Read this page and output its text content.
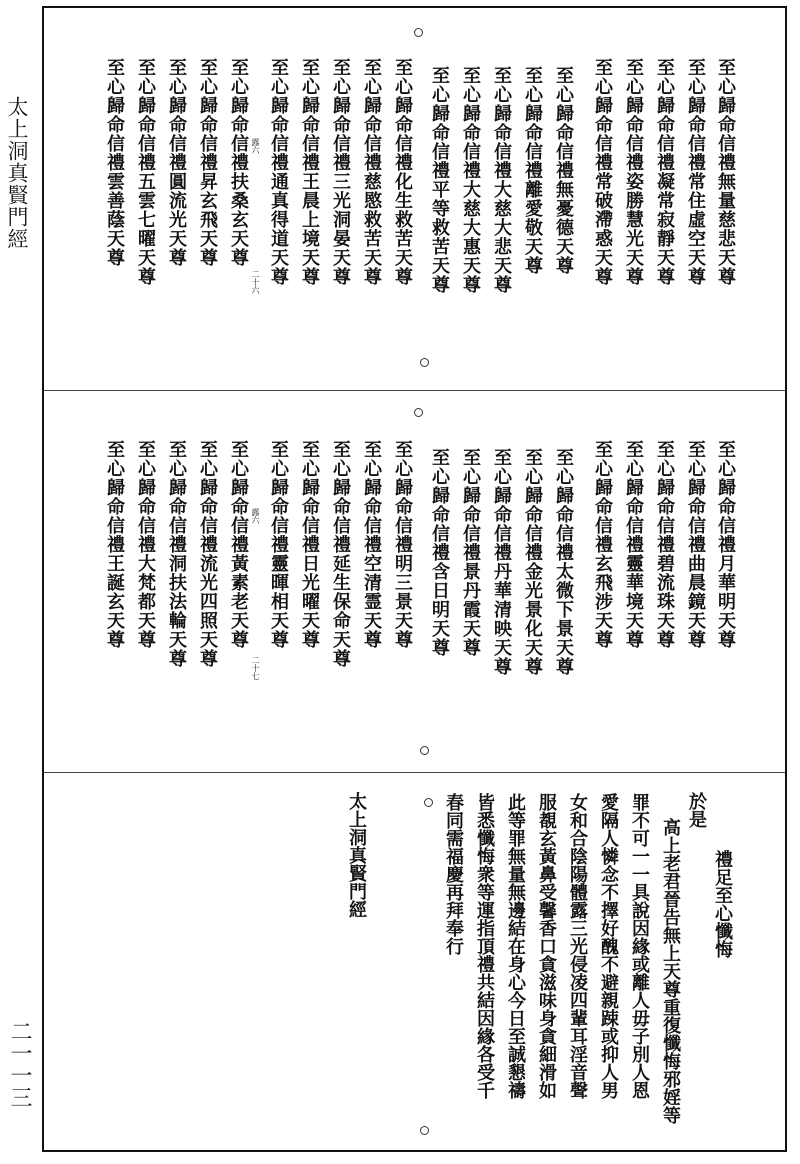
太上洞真賢門經
二一一三
至心歸命信禮無量慈悲天尊
至心歸命信禮常住虛空天尊
至心歸命信禮凝常寂靜天尊
至心歸命信禮姿勝慧光天尊
至心歸命信禮常破滯惑天尊
至心歸命信禮無憂德天尊
至心歸命信禮離愛敬天尊
至心歸命信禮大慈大悲天尊
至心歸命信禮大慈大惠天尊
至心歸命信禮平等救苦天尊
至心歸命信禮化生救苦天尊
至心歸命信禮慈愍救苦天尊
至心歸命信禮三光洞晏天尊
至心歸命信禮王晨上境天尊
至心歸命信禮通真得道天尊
至心歸命信禮扶桑玄天尊
至心歸命信禮昇玄飛天尊
至心歸命信禮圓流光天尊
至心歸命信禮五雲七曜天尊
至心歸命信禮雲善蔭天尊	露六
二十六
至心歸命信禮月華明天尊
至心歸命信禮曲晨鏡天尊
至心歸命信禮碧流珠天尊
至心歸命信禮靈華境天尊
至心歸命信禮玄飛涉天尊
至心歸命信禮太微下景天尊
至心歸命信禮金光景化天尊
至心歸命信禮丹華清映天尊
至心歸命信禮景丹霞天尊
至心歸命信禮含日明天尊
至心歸命信禮明三景天尊
至心歸命信禮空清霊天尊
至心歸命信禮延生保命天尊
至心歸命信禮日光曜天尊
至心歸命信禮靈暉相天尊
至心歸命信禮黃素老天尊
至心歸命信禮流光四照天尊
至心歸命信禮洞扶法輪天尊
至心歸命信禮大梵都天尊
至心歸命信禮王誕玄天尊	露六
二十七
禮足至心懺悔
於是
高上老君晉告無上天尊重復懺悔邪婬等
罪不可一一具說因緣或離人毋子別人恩
愛隔人憐念不擇好醜不避親踈或抑人男
女和合陰陽體露三光侵凌四輩耳淫音聲
服覩玄黃鼻受馨香口貪滋味身貪細滑如
此等罪無量無邊結在身心今日至誠懇禱
皆悉懺悔衆等運指頂禮共結因緣各受千
春同需福慶再拜奉行
太上洞真賢門經
